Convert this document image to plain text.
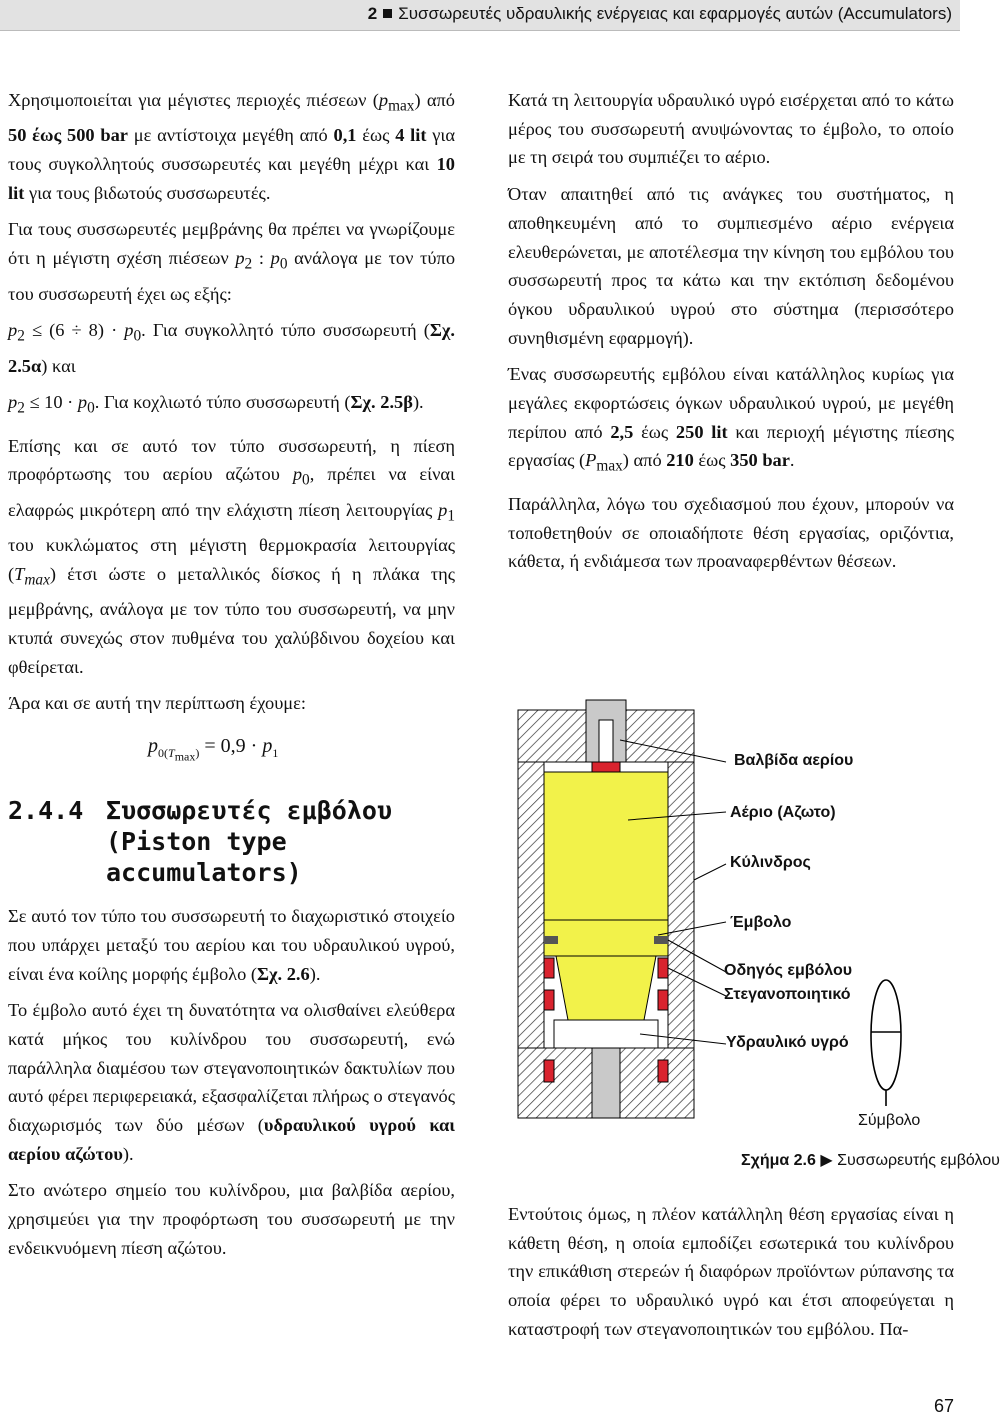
2 Συσσωρευτές υδραυλικής ενέργειας και εφαρμογές αυτών (Accumulators)

Χρησιμοποιείται για μέγιστες περιοχές πιέσεων $(p_{max})$ από 50 έως 500 bar με αντίστοιχα μεγέθη από 0,1 έως 4 lit για τους συγκολλητούς συσσωρευτές και μεγέθη μέχρι και 10 lit για τους βιδωτούς συσσωρευτές.

Για τους συσσωρευτές μεμβράνης θα πρέπει να γνωρίζουμε ότι η μέγιστη σχέση πιέσεων $p_2$ : $p_0$ ανάλογα με τον τύπο του συσσωρευτή έχει ως εξής:

$p_2 \le (6 \div 8) \cdot p_0$. Για συγκολλητό τύπο συσσωρευτή (Σχ. 2.5α) και

$p_2 \le 10 \cdot p_0$. Για κοχλιωτό τύπο συσσωρευτή (Σχ. 2.5β).

Επίσης και σε αυτό τον τύπο συσσωρευτή, η πίεση προφόρτωσης του αερίου αζώτου $p_0$, πρέπει να είναι ελαφρώς μικρότερη από την ελάχιστη πίεση λειτουργίας $p_1$ του κυκλώματος στη μέγιστη θερμοκρασία λειτουργίας $(T_{max})$ έτσι ώστε ο μεταλλικός δίσκος ή η πλάκα της μεμβράνης, ανάλογα με τον τύπο του συσσωρευτή, να μην κτυπά συνεχώς στον πυθμένα του χαλύβδινου δοχείου και φθείρεται.

Άρα και σε αυτή την περίπτωση έχουμε:

$p_{0(T_{max})} = 0,9 \cdot p_1$
2.4.4 Συσσωρευτές εμβόλου (Piston type accumulators)

Σε αυτό τον τύπο του συσσωρευτή το διαχωριστικό στοιχείο που υπάρχει μεταξύ του αερίου και του υδραυλικού υγρού, είναι ένα κοίλης μορφής έμβολο (Σχ. 2.6).

Το έμβολο αυτό έχει τη δυνατότητα να ολισθαίνει ελεύθερα κατά μήκος του κυλίνδρου του συσσωρευτή, ενώ παράλληλα διαμέσου των στεγανοποιητικών δακτυλίων που αυτό φέρει περιφερειακά, εξασφαλίζεται πλήρως ο στεγανός διαχωρισμός των δύο μέσων (υδραυλικού υγρού και αερίου αζώτου).

Στο ανώτερο σημείο του κυλίνδρου, μια βαλβίδα αερίου, χρησιμεύει για την προφόρτωση του συσσωρευτή με την ενδεικνυόμενη πίεση αζώτου.

Κατά τη λειτουργία υδραυλικό υγρό εισέρχεται από το κάτω μέρος του συσσωρευτή ανυψώνοντας το έμβολο, το οποίο με τη σειρά του συμπιέζει το αέριο.

Όταν απαιτηθεί από τις ανάγκες του συστήματος, η αποθηκευμένη από το συμπιεσμένο αέριο ενέργεια ελευθερώνεται, με αποτέλεσμα την κίνηση του εμβόλου του συσσωρευτή προς τα κάτω και την εκτόπιση δεδομένου όγκου υδραυλικού υγρού στο σύστημα (περισσότερο συνηθισμένη εφαρμογή).

Ένας συσσωρευτής εμβόλου είναι κατάλληλος κυρίως για μεγάλες εκφορτώσεις όγκων υδραυλικού υγρού, με μεγέθη περίπου από 2,5 έως 250 lit και περιοχή μέγιστης πίεσης εργασίας $(P_{max})$ από 210 έως 350 bar.

Παράλληλα, λόγω του σχεδιασμού που έχουν, μπορούν να τοποθετηθούν σε οποιαδήποτε θέση εργασίας, οριζόντια, κάθετα, ή ενδιάμεσα των προαναφερθέντων θέσεων.

Βαλβίδα αερίου
Αέριο (Αζωτο)
Κύλινδρος
Έμβολο
Οδηγός εμβόλου
Στεγανοποιητικό
Υδραυλικό υγρό
Σύμβολο
Σχήμα 2.6 ▶ Συσσωρευτής εμβόλου

Εντούτοις όμως, η πλέον κατάλληλη θέση εργασίας είναι η κάθετη θέση, η οποία εμποδίζει εσωτερικά του κυλίνδρου την επικάθιση στερεών ή διαφόρων προϊόντων ρύπανσης τα οποία φέρει το υδραυλικό υγρό και έτσι αποφεύγεται η καταστροφή των στεγανοποιητικών του εμβόλου. Πα-

67
